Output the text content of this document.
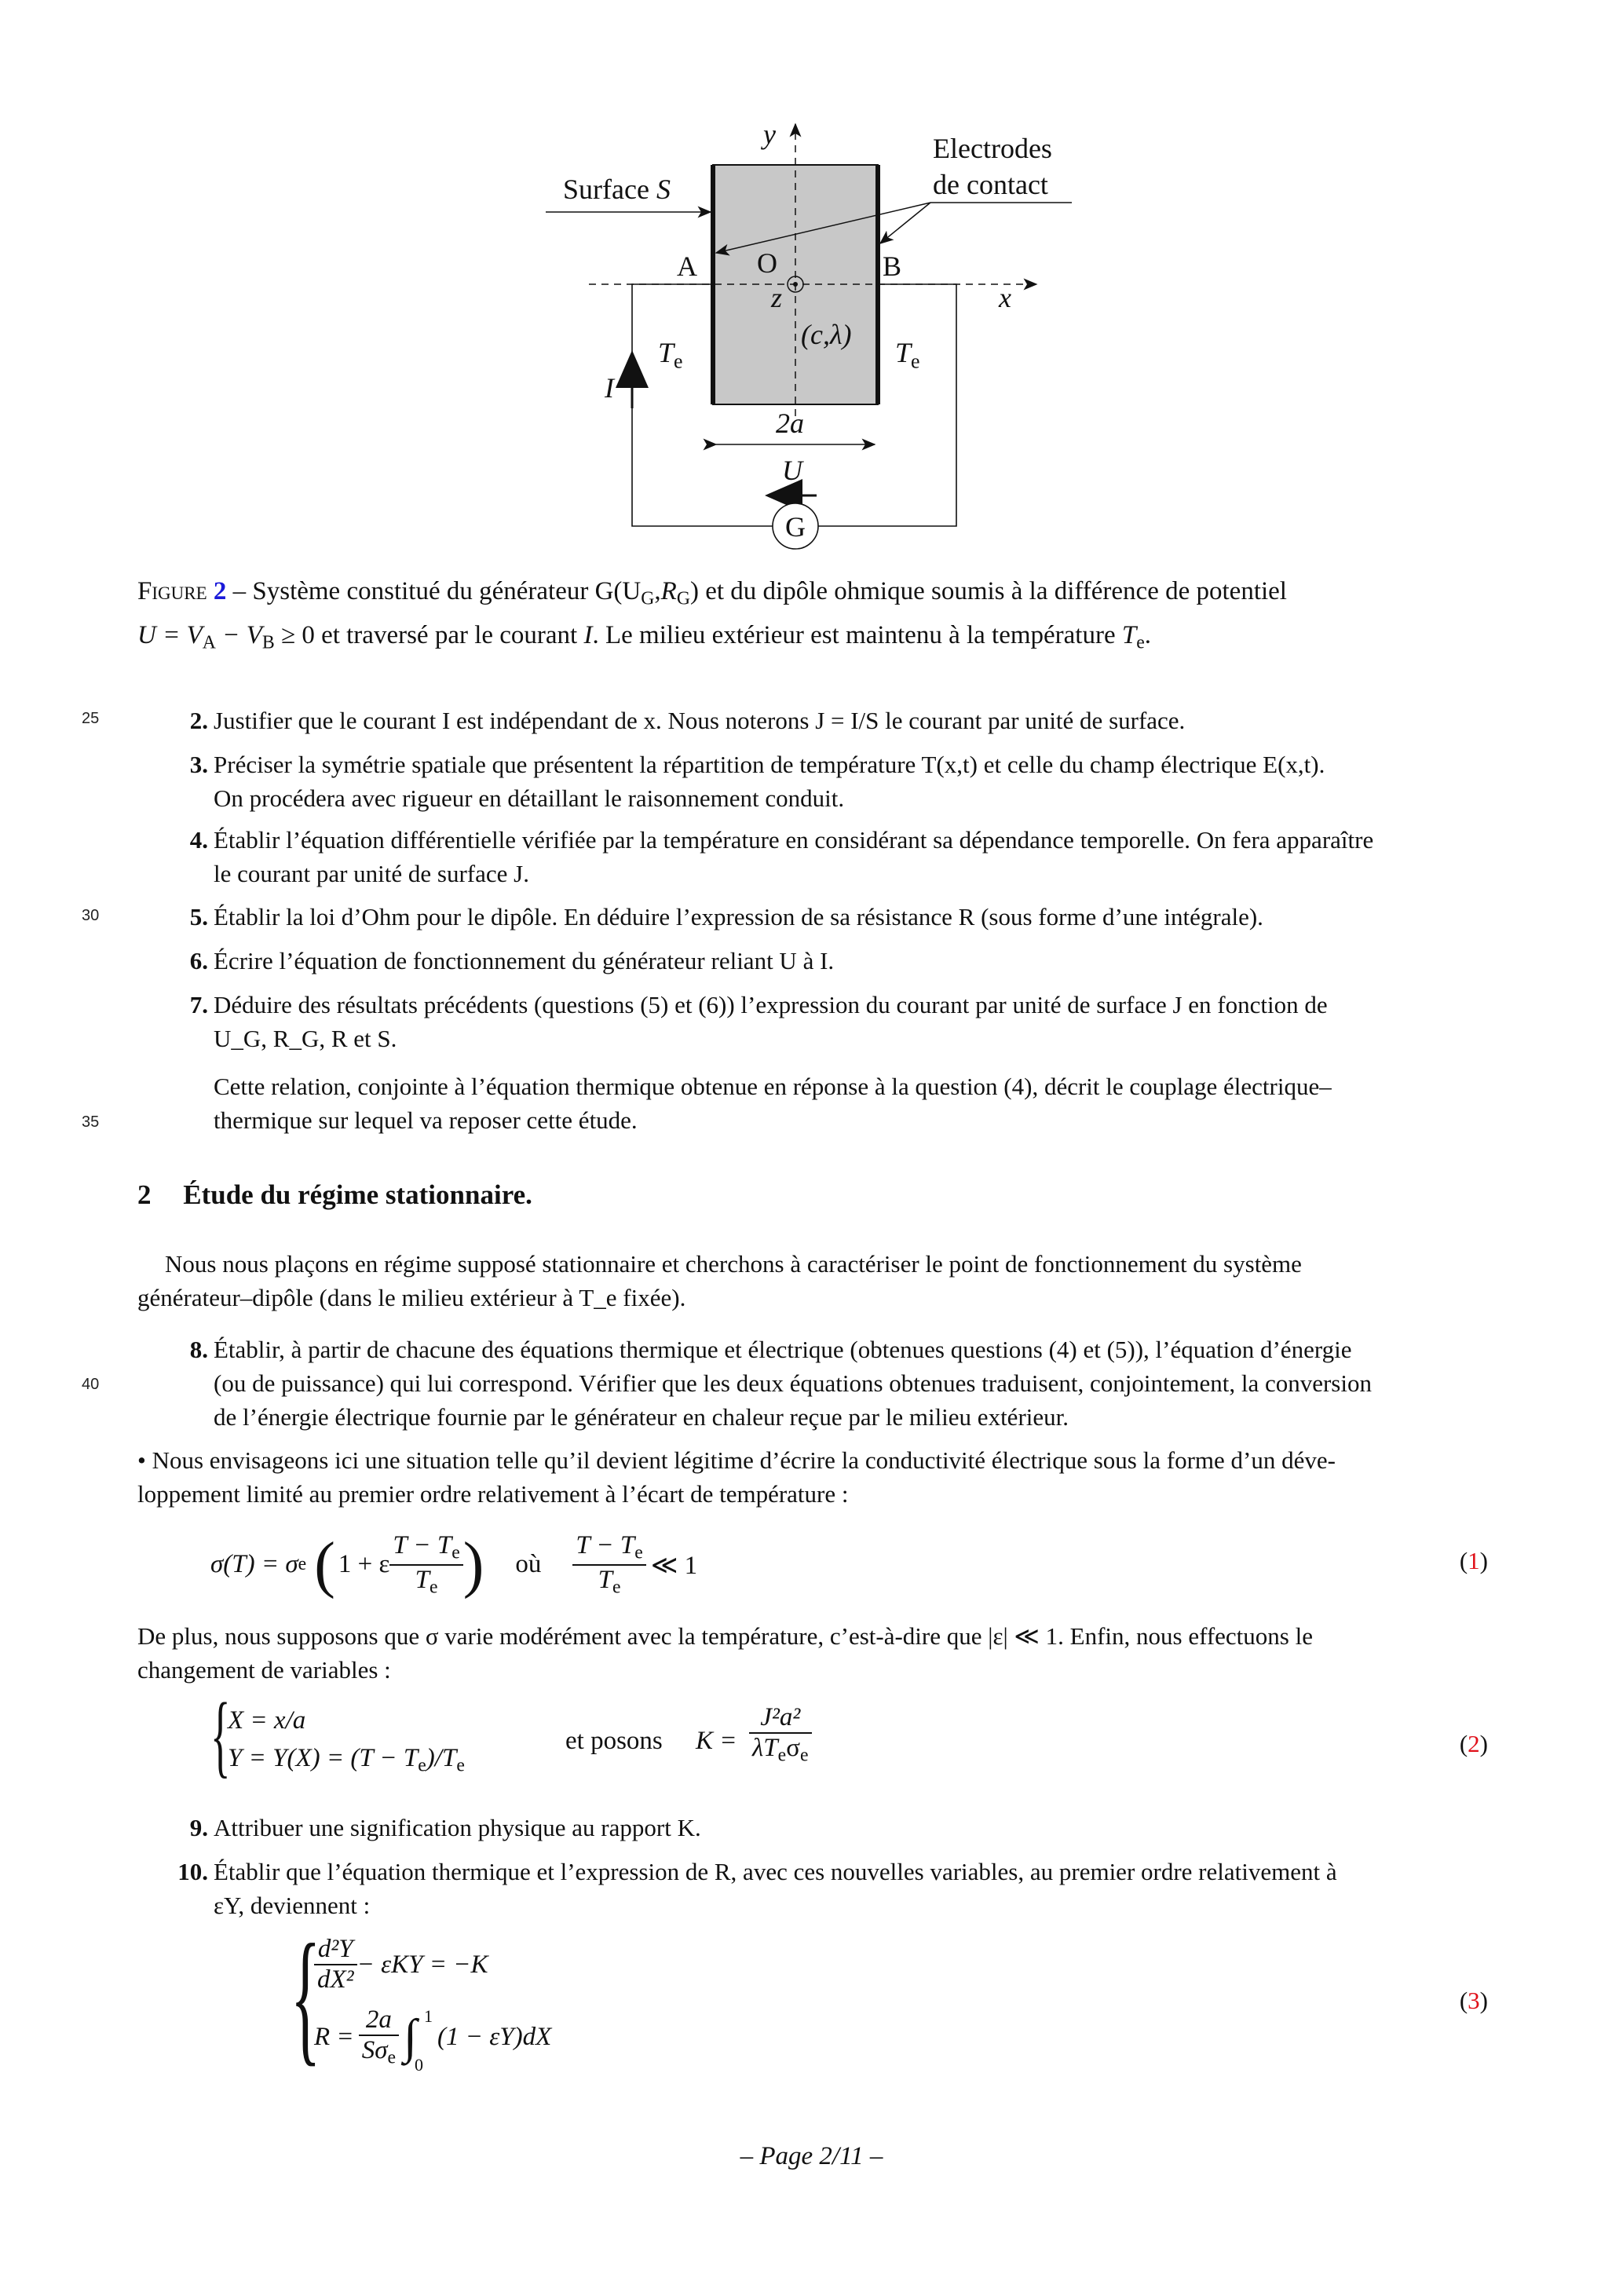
y
x
z
O
A	B
Surface S
Electrodes
de contact
(c,λ)
$T_e$	$T_e$
I
2a
U
G
Figure 2 – Système constitué du générateur $G(U_G,R_G)$ et du dipôle ohmique soumis à la différence de potentiel
$U = V_A - V_B \ge 0$ et traversé par le courant I. Le milieu extérieur est maintenu à la température $T_e$.
25
30
35
40
2. Justifier que le courant I est indépendant de x. Nous noterons J = I/S le courant par unité de surface.
3. Préciser la symétrie spatiale que présentent la répartition de température T(x,t) et celle du champ électrique E(x,t).
On procédera avec rigueur en détaillant le raisonnement conduit.
4. Établir l’équation différentielle vérifiée par la température en considérant sa dépendance temporelle. On fera apparaître
le courant par unité de surface J.
5. Établir la loi d’Ohm pour le dipôle. En déduire l’expression de sa résistance R (sous forme d’une intégrale).
6. Écrire l’équation de fonctionnement du générateur reliant U à I.
7. Déduire des résultats précédents (questions (5) et (6)) l’expression du courant par unité de surface J en fonction de
U_G, R_G, R et S.
Cette relation, conjointe à l’équation thermique obtenue en réponse à la question (4), décrit le couplage électrique–
thermique sur lequel va reposer cette étude.
2 Étude du régime stationnaire.
Nous nous plaçons en régime supposé stationnaire et cherchons à caractériser le point de fonctionnement du système
générateur–dipôle (dans le milieu extérieur à T_e fixée).
8. Établir, à partir de chacune des équations thermique et électrique (obtenues questions (4) et (5)), l’équation d’énergie
(ou de puissance) qui lui correspond. Vérifier que les deux équations obtenues traduisent, conjointement, la conversion
de l’énergie électrique fournie par le générateur en chaleur reçue par le milieu extérieur.
• Nous envisageons ici une situation telle qu’il devient légitime d’écrire la conductivité électrique sous la forme d’un déve-
loppement limité au premier ordre relativement à l’écart de température :
σ(T) = σ e ( 1 + ε $\frac{T - T_e}{T_e}$ ) où $\frac{T - T_e}{T_e}$ ≪ 1	(1)
De plus, nous supposons que σ varie modérément avec la température, c’est-à-dire que |ε| ≪ 1. Enfin, nous effectuons le
changement de variables :
{
X = x/a
$Y = Y(X) = (T - T_e)/T_e$
et posons K =
J²a²
$\lambda T_e\sigma_e$	(2)
9. Attribuer une signification physique au rapport K.
10. Établir que l’équation thermique et l’expression de R, avec ces nouvelles variables, au premier ordre relativement à
εY, deviennent :
{
$\frac{\text{d²Y}}{\text{dX²}} - \varepsilon KY = -K$
$R = \frac{2a}{S\sigma_e}$ ∫ 1
0
(1 − εY)dX
(3)
– Page 2/11 –
